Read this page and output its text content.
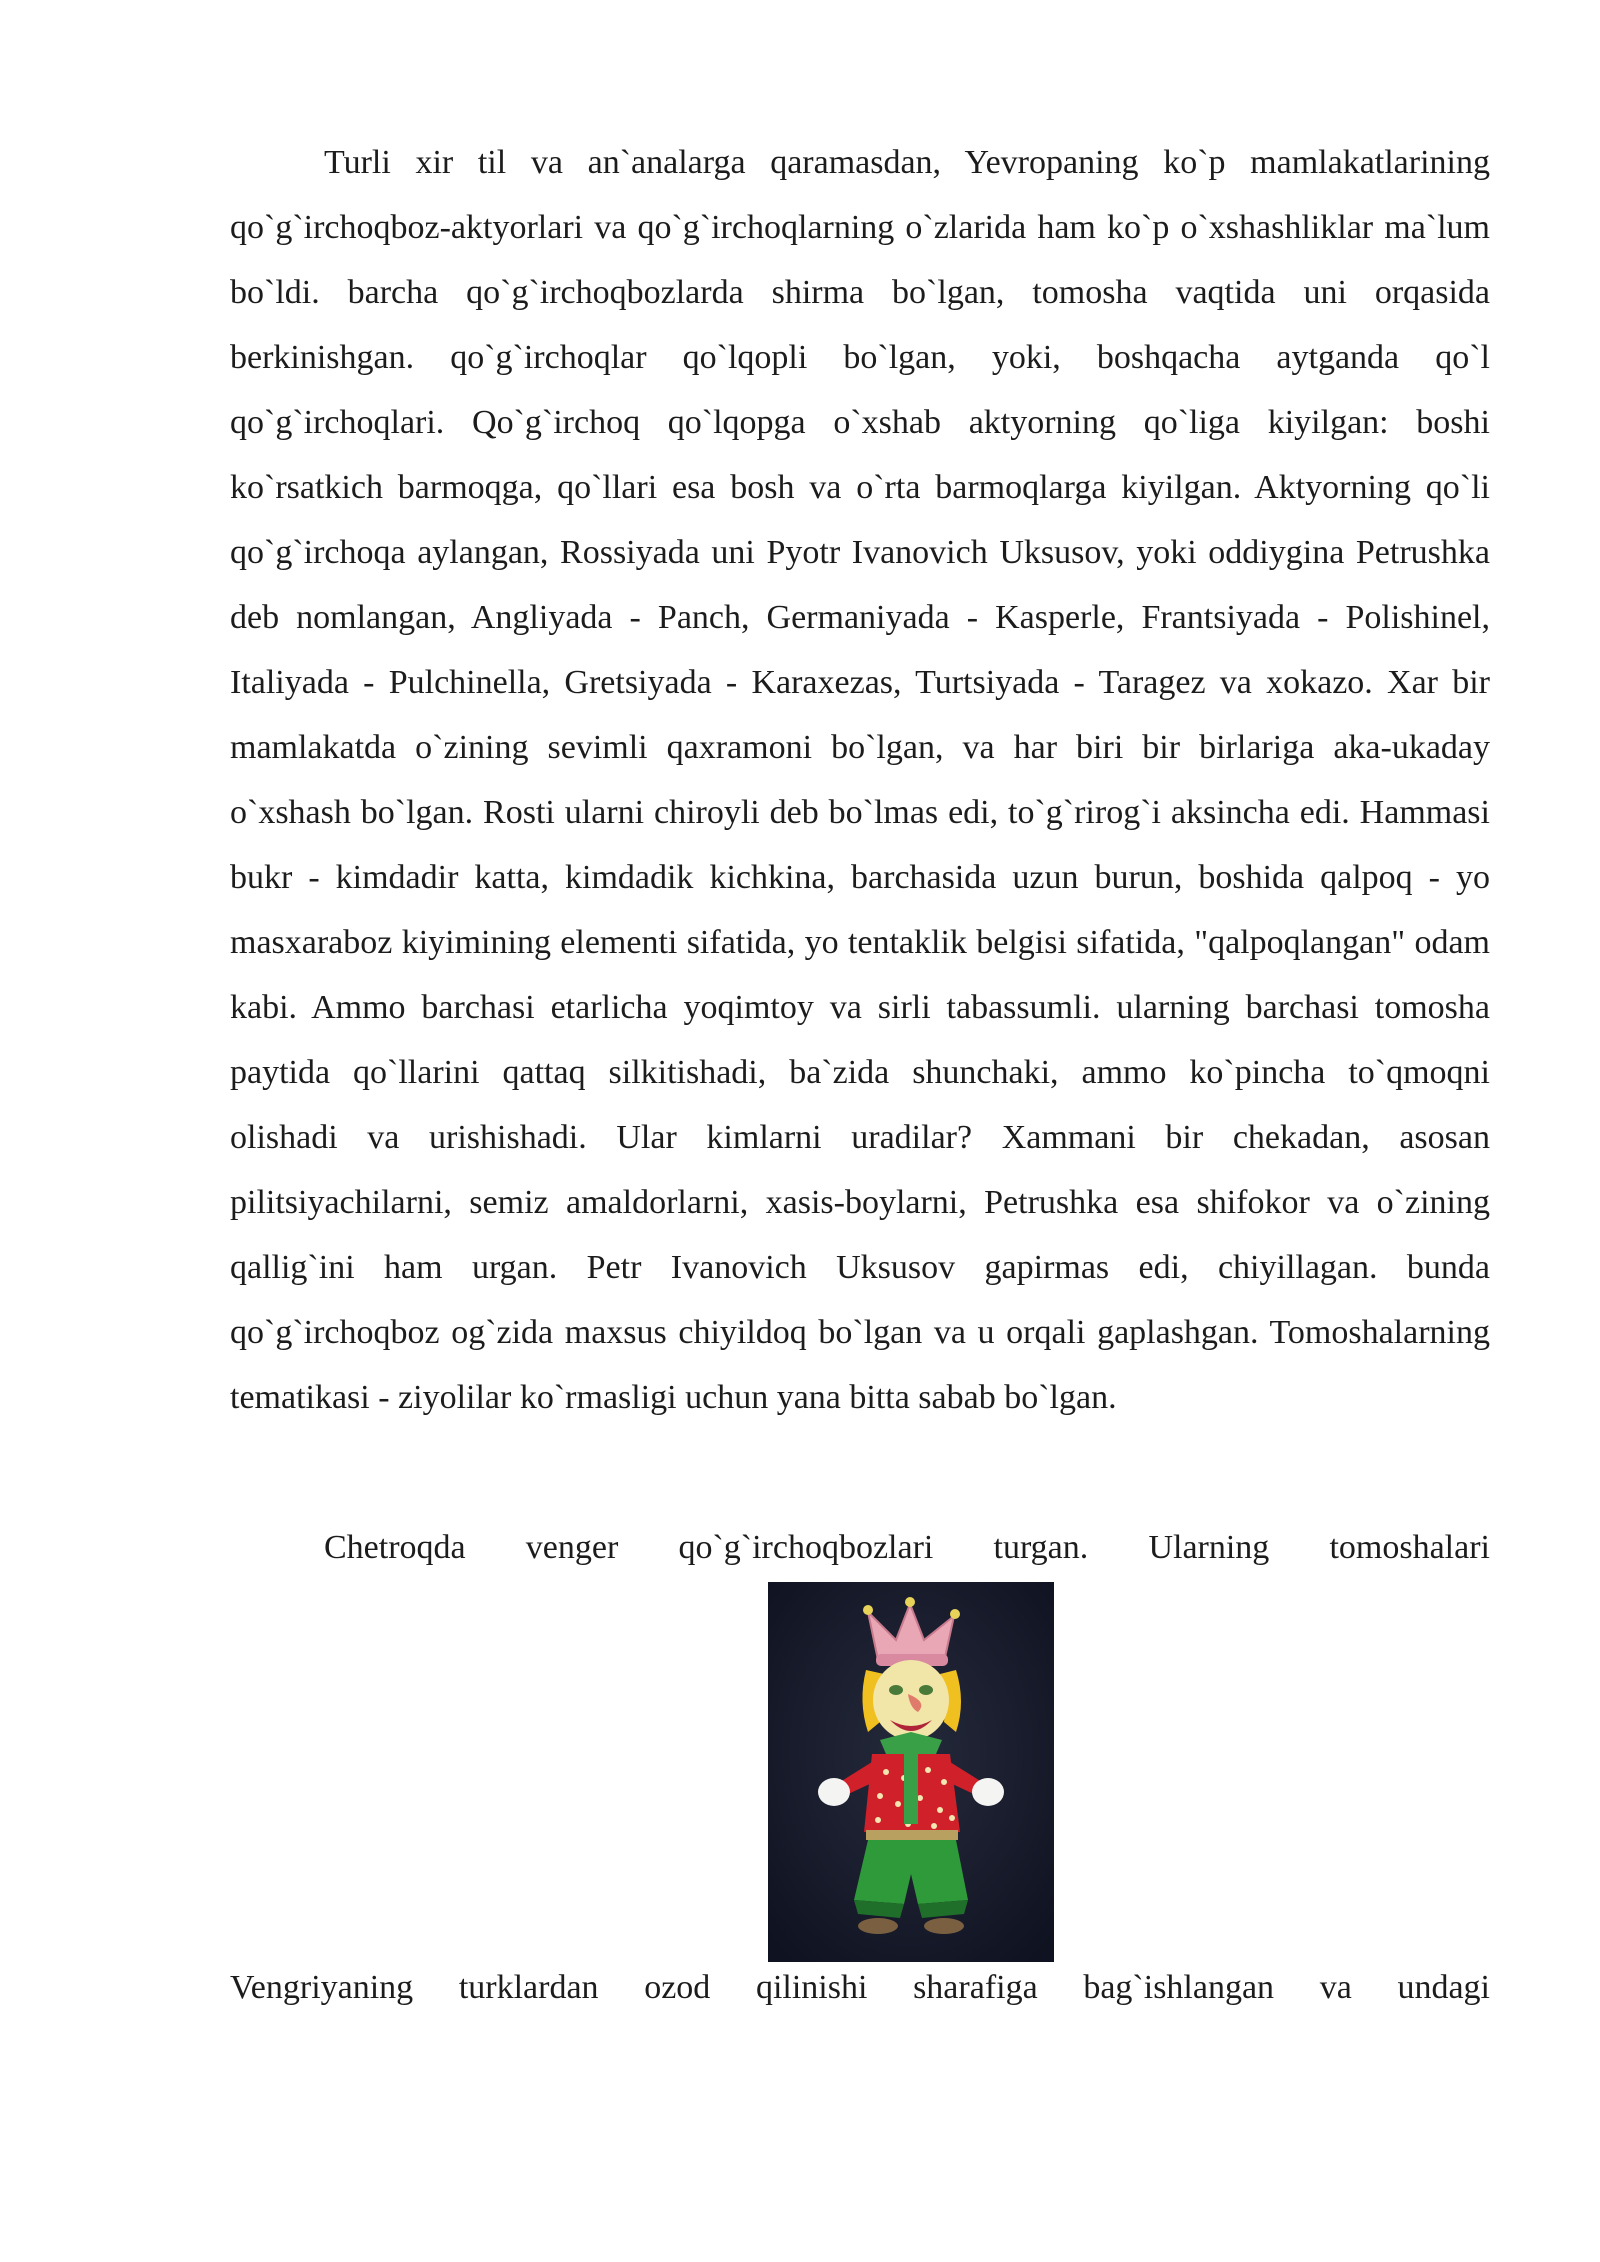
Turli xir til va an`analarga qaramasdan, Yevropaning ko`p mamlakatlarining qo`g`irchoqboz-aktyorlari va qo`g`irchoqlarning o`zlarida ham ko`p o`xshashliklar ma`lum bo`ldi. barcha qo`g`irchoqbozlarda shirma bo`lgan, tomosha vaqtida uni orqasida berkinishgan. qo`g`irchoqlar qo`lqopli bo`lgan, yoki, boshqacha aytganda qo`l qo`g`irchoqlari. Qo`g`irchoq qo`lqopga o`xshab aktyorning qo`liga kiyilgan: boshi ko`rsatkich barmoqga, qo`llari esa bosh va o`rta barmoqlarga kiyilgan. Aktyorning qo`li qo`g`irchoqa aylangan, Rossiyada uni Pyotr Ivanovich Uksusov, yoki oddiygina Petrushka deb nomlangan, Angliyada - Panch, Germaniyada - Kasperle, Frantsiyada - Polishinel, Italiyada - Pulchinella, Gretsiyada - Karaxezas, Turtsiyada - Taragez va xokazo. Xar bir mamlakatda o`zining sevimli qaxramoni bo`lgan, va har biri bir birlariga aka-ukaday o`xshash bo`lgan. Rosti ularni chiroyli deb bo`lmas edi, to`g`rirog`i aksincha edi. Hammasi bukr - kimdadir katta, kimdadik kichkina, barchasida uzun burun, boshida qalpoq - yo masxaraboz kiyimining elementi sifatida, yo tentaklik belgisi sifatida, "qalpoqlangan" odam kabi. Ammo barchasi etarlicha yoqimtoy va sirli tabassumli. ularning barchasi tomosha paytida qo`llarini qattaq silkitishadi, ba`zida shunchaki, ammo ko`pincha to`qmoqni olishadi va urishishadi. Ular kimlarni uradilar? Xammani bir chekadan, asosan pilitsiyachilarni, semiz amaldorlarni, xasis-boylarni, Petrushka esa shifokor va o`zining qallig`ini ham urgan. Petr Ivanovich Uksusov gapirmas edi, chiyillagan. bunda qo`g`irchoqboz og`zida maxsus chiyildoq bo`lgan va u orqali gaplashgan. Tomoshalarning tematikasi - ziyolilar ko`rmasligi uchun yana bitta sabab bo`lgan.

Chetroqda venger qo`g`irchoqbozlari turgan. Ularning tomoshalari

Vengriyaning turklardan ozod qilinishi sharafiga bag`ishlangan va undagi
